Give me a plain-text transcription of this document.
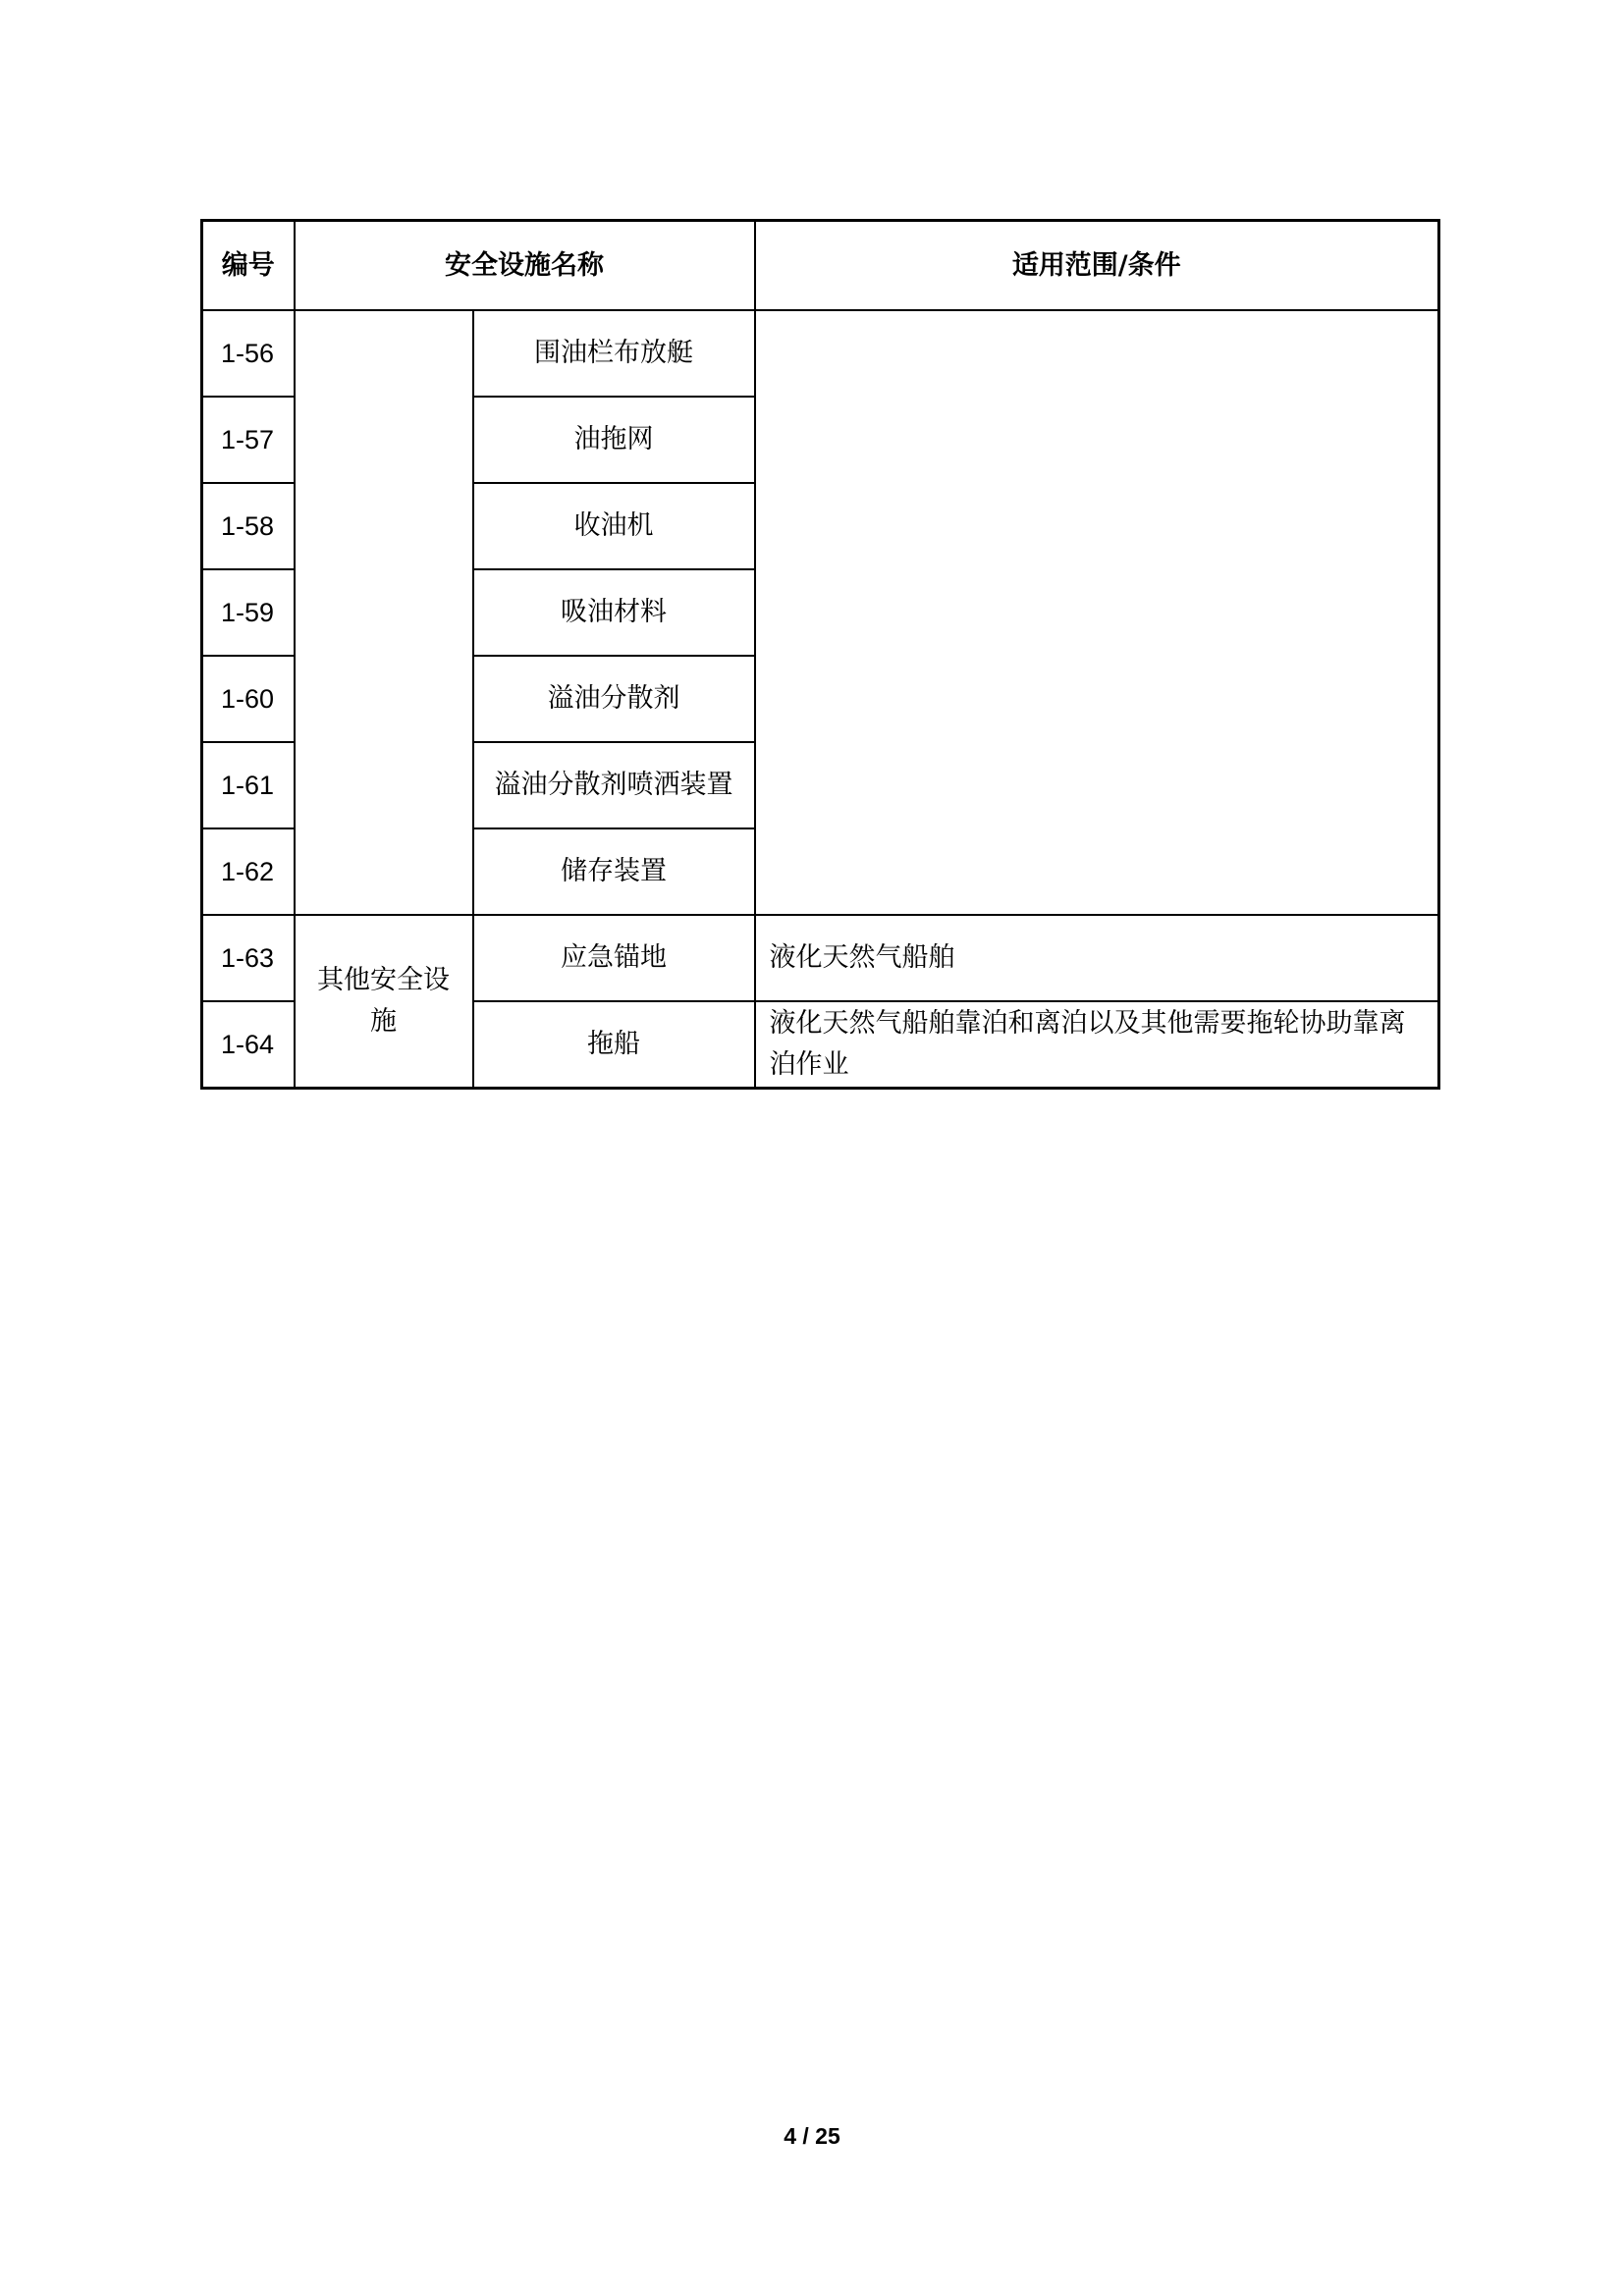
编号	安全设施名称		适用范围/条件
1-56		围油栏布放艇	
1-57		油拖网	
1-58		收油机	
1-59		吸油材料	
1-60		溢油分散剂	
1-61		溢油分散剂喷洒装置	
1-62		储存装置	
1-63	其他安全设施	应急锚地	液化天然气船舶
1-64		拖船	液化天然气船舶靠泊和离泊以及其他需要拖轮协助靠离泊作业
4 / 25
